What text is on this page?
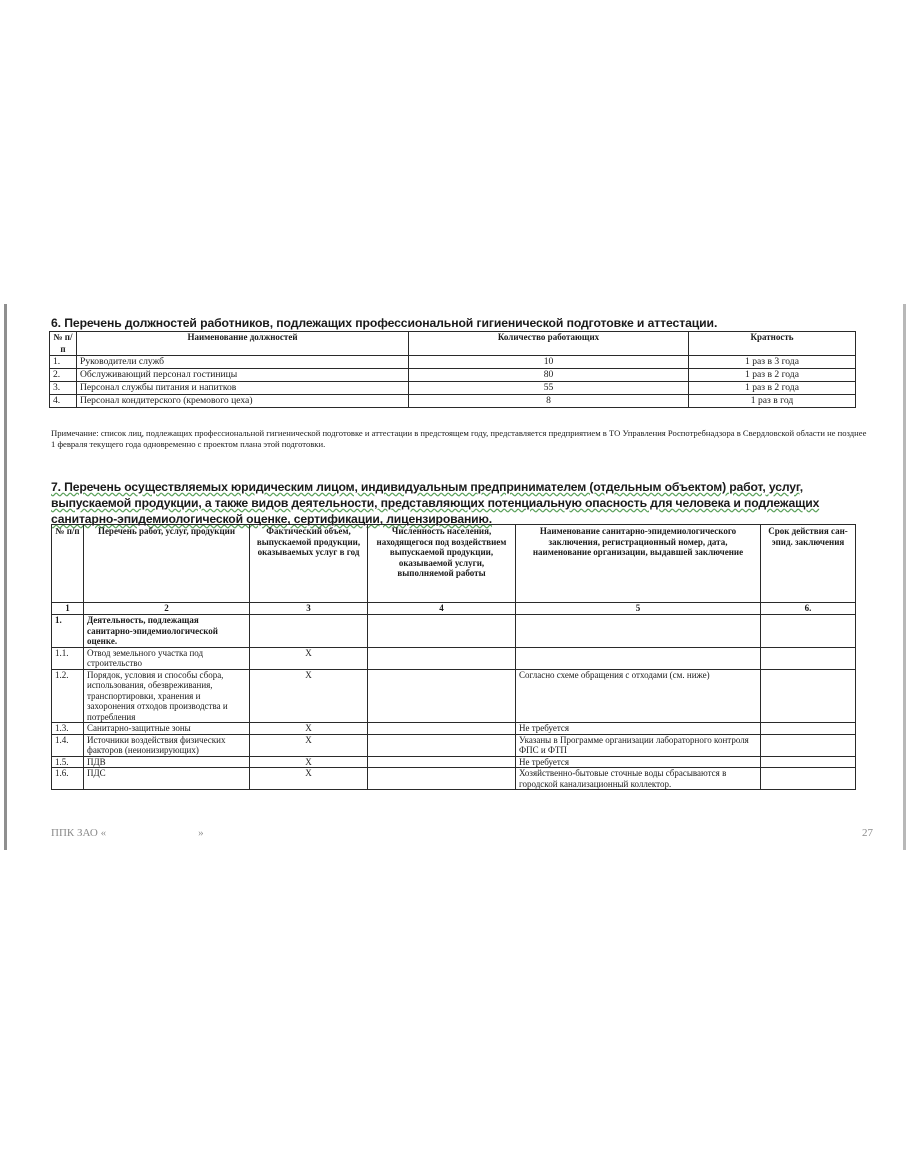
6. Перечень должностей работников, подлежащих профессиональной гигиенической подготовке и аттестации.
№ п/п	Наименование должностей	Количество работающих	Кратность
1.	Руководители служб	10	1 раз в 3 года
2.	Обслуживающий персонал гостиницы	80	1 раз в 2 года
3.	Персонал службы питания и напитков	55	1 раз в 2 года
4.	Персонал кондитерского (кремового цеха)	8	1 раз в год
Примечание: список лиц, подлежащих профессиональной гигиенической подготовке и аттестации в предстоящем году, представляется предприятием в ТО Управления Роспотребнадзора в Свердловской области не позднее 1 февраля текущего года одновременно с проектом плана этой подготовки.
7. Перечень осуществляемых юридическим лицом, индивидуальным предпринимателем (отдельным объектом) работ, услуг, выпускаемой продукции, а также видов деятельности, представляющих потенциальную опасность для человека и подлежащих санитарно-эпидемиологической оценке, сертификации, лицензированию.
№ п/п	Перечень работ, услуг, продукции	Фактический объем, выпускаемой продукции, оказываемых услуг в год	Численность населения, находящегося под воздействием выпускаемой продукции, оказываемой услуги, выполняемой работы	Наименование санитарно-эпидемиологического заключения, регистрационный номер, дата, наименование организации, выдавшей заключение	Срок действия сан-эпид. заключения
1	2	3	4	5	6.
1.	Деятельность, подлежащая санитарно-эпидемиологической оценке.				
1.1.	Отвод земельного участка под строительство	Х			
1.2.	Порядок, условия и способы сбора, использования, обезвреживания, транспортировки, хранения и захоронения отходов производства и потребления	Х		Согласно схеме обращения с отходами (см. ниже)	
1.3.	Санитарно-защитные зоны	Х		Не требуется	
1.4.	Источники воздействия физических факторов (неионизирующих)	Х		Указаны в Программе организации лабораторного контроля ФПС и ФТП	
1.5.	ПДВ	Х		Не требуется	
1.6.	ПДС	Х		Хозяйственно-бытовые сточные воды сбрасываются в городской канализационный коллектор.	
ППК ЗАО «	»	27
